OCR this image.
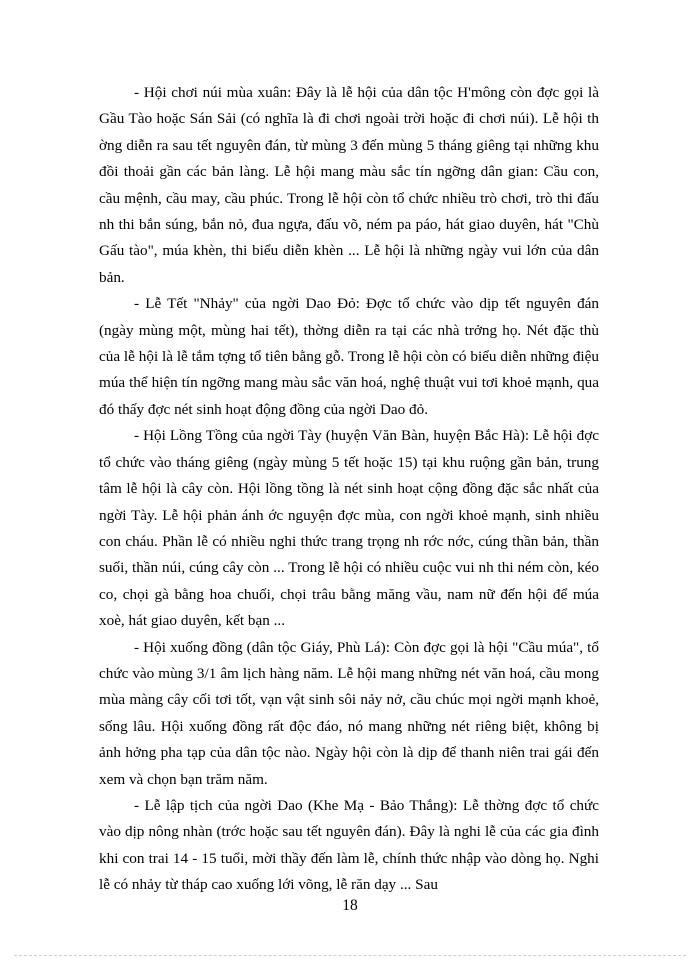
- Hội chơi núi mùa xuân: Đây là lễ hội của dân tộc H'mông còn đ​ợc gọi là Gầu Tào hoặc Sán Sải (có nghĩa là đi chơi ngoài trời hoặc đi chơi núi). Lễ hội th​ờng diễn ra sau tết nguyên đán, từ mùng 3 đến mùng 5 tháng giêng tại những khu đồi thoải gần các bản làng. Lễ hội mang màu sắc tín ng​ỡng dân gian: Cầu con, cầu mệnh, cầu may, cầu phúc. Trong lễ hội còn tổ chức nhiều trò chơi, trò thi đấu nh​ thi bắn súng, bắn nỏ, đua ngựa, đấu võ, ném pa páo, hát giao duyên, hát "Chù Gấu tào", múa khèn, thi biểu diễn khèn ... Lễ hội là những ngày vui lớn của dân bản.

- Lễ Tết "Nhảy" của ng​ời Dao Đỏ: Đ​ợc tổ chức vào dịp tết nguyên đán (ngày mùng một, mùng hai tết), th​ờng diễn ra tại các nhà tr​ởng họ. Nét đặc thù của lễ hội là lễ tắm t​ợng tổ tiên bằng gỗ. Trong lễ hội còn có biểu diễn những điệu múa thể hiện tín ng​ỡng mang màu sắc văn hoá, nghệ thuật vui t​ơi khoẻ mạnh, qua đó thấy đ​ợc nét sinh hoạt động đồng của ng​ời Dao đỏ.

- Hội Lồng Tồng của ng​ời Tày (huyện Văn Bàn, huyện Bắc Hà): Lễ hội đ​ợc tổ chức vào tháng giêng (ngày mùng 5 tết hoặc 15) tại khu ruộng gần bản, trung tâm lễ hội là cây còn. Hội lồng tồng là nét sinh hoạt cộng đồng đặc sắc nhất của ng​ời Tày. Lễ hội phản ánh ​ớc nguyện đ​ợc mùa, con ng​ời khoẻ mạnh, sinh nhiều con cháu. Phần lễ có nhiều nghi thức trang trọng nh​ r​ớc n​ớc, cúng thần bản, thần suối, thần núi, cúng cây còn ... Trong lễ hội có nhiều cuộc vui nh​ thi ném còn, kéo co, chọi gà bằng hoa chuối, chọi trâu bằng măng vầu, nam nữ đến hội để múa xoè, hát giao duyên, kết bạn ...

- Hội xuống đồng (dân tộc Giáy, Phù Lá): Còn đ​ợc gọi là hội "Cầu múa", tổ chức vào mùng 3/1 âm lịch hàng năm. Lễ hội mang những nét văn hoá, cầu mong mùa màng cây cối t​ơi tốt, vạn vật sinh sôi nảy nở, cầu chúc mọi ng​ời mạnh khoẻ, sống lâu. Hội xuống đồng rất độc đáo, nó mang những nét riêng biệt, không bị ảnh h​ởng pha tạp của dân tộc nào. Ngày hội còn là dịp để thanh niên trai gái đến xem và chọn bạn trăm năm.

- Lễ lập tịch của ng​ời Dao (Khe Mạ - Bảo Thắng): Lễ th​ờng đ​ợc tổ chức vào dịp nông nhàn (tr​ớc hoặc sau tết nguyên đán). Đây là nghi lễ của các gia đình khi con trai 14 - 15 tuổi, mời thầy đến làm lễ, chính thức nhập vào dòng họ. Nghi lễ có nhảy từ tháp cao xuống l​ới võng, lễ răn dạy ... Sau

18
